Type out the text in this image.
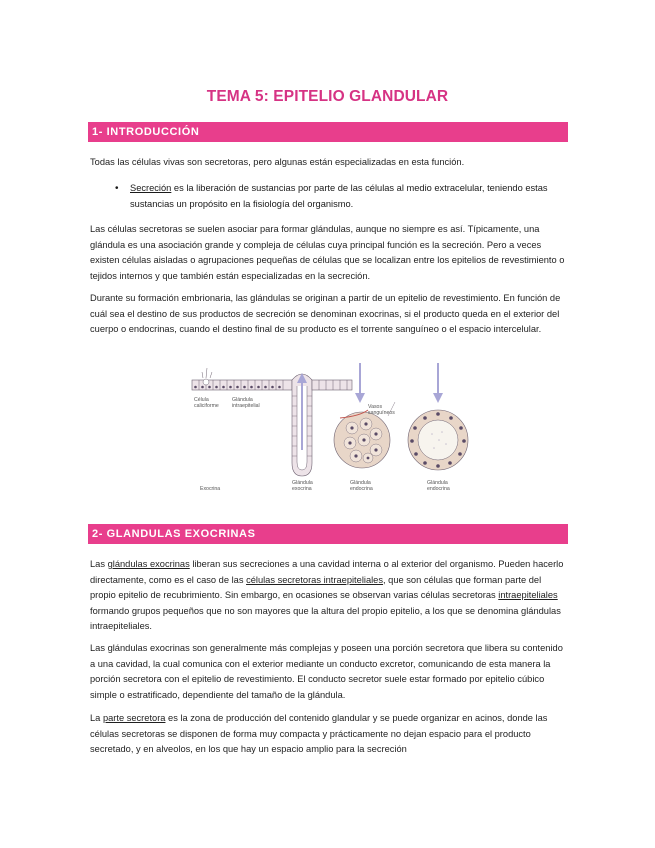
TEMA 5: EPITELIO GLANDULAR
1- INTRODUCCIÓN

Todas las células vivas son secretoras, pero algunas están especializadas en esta función.

• Secreción es la liberación de sustancias por parte de las células al medio extracelular, teniendo estas sustancias un propósito en la fisiología del organismo.

Las células secretoras se suelen asociar para formar glándulas, aunque no siempre es así. Típicamente, una glándula es una asociación grande y compleja de células cuya principal función es la secreción. Pero a veces existen células aisladas o agrupaciones pequeñas de células que se localizan entre los epitelios de revestimiento o tejidos internos y que también están especializadas en la secreción.

Durante su formación embrionaria, las glándulas se originan a partir de un epitelio de revestimiento. En función de cuál sea el destino de sus productos de secreción se denominan exocrinas, si el producto queda en el exterior del cuerpo o endocrinas, cuando el destino final de su producto es el torrente sanguíneo o el espacio intercelular.

Célula
caliciforme
Glándula
intraepitelial	Vasos
sanguíneos
Exocrina
Glándula
exocrina
Glándula
endocrina
Glándula
endocrina
2- GLANDULAS EXOCRINAS

Las glándulas exocrinas liberan sus secreciones a una cavidad interna o al exterior del organismo. Pueden hacerlo directamente, como es el caso de las células secretoras intraepiteliales, que son células que forman parte del propio epitelio de recubrimiento. Sin embargo, en ocasiones se observan varias células secretoras intraepiteliales formando grupos pequeños que no son mayores que la altura del propio epitelio, a los que se denomina glándulas intraepiteliales.

Las glándulas exocrinas son generalmente más complejas y poseen una porción secretora que libera su contenido a una cavidad, la cual comunica con el exterior mediante un conducto excretor, comunicando de esta manera la porción secretora con el epitelio de revestimiento. El conducto secretor suele estar formado por epitelio cúbico simple o estratificado, dependiente del tamaño de la glándula.

La parte secretora es la zona de producción del contenido glandular y se puede organizar en acinos, donde las células secretoras se disponen de forma muy compacta y prácticamente no dejan espacio para el producto secretado, y en alveolos, en los que hay un espacio amplio para la secreción
